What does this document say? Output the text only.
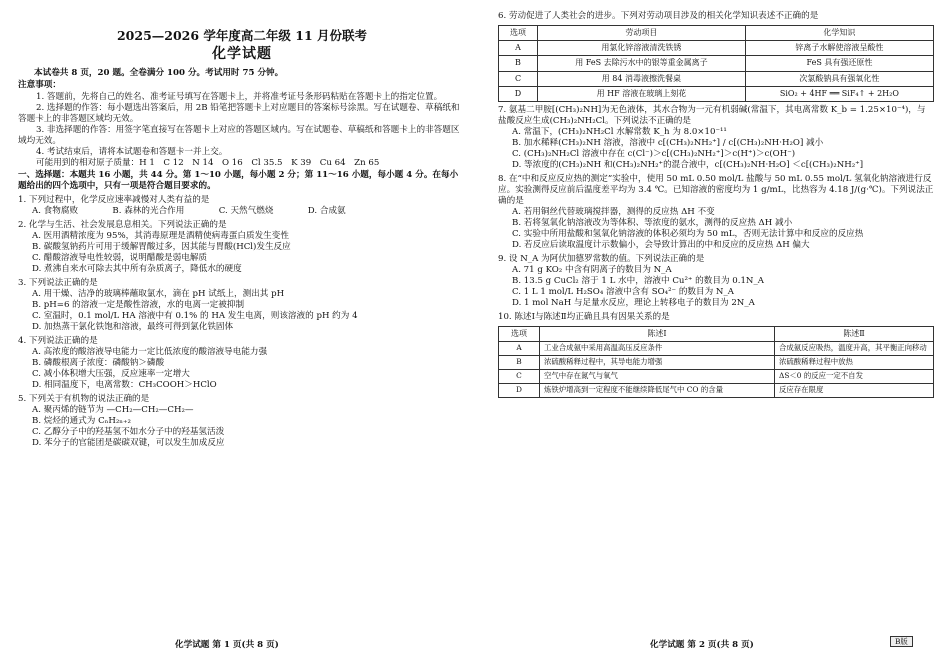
2025—2026 学年度高二年级 11 月份联考
化学试题
本试卷共 8 页，20 题。全卷满分 100 分。考试用时 75 分钟。
注意事项：

1. 答题前，先将自己的姓名、准考证号填写在答题卡上，并将准考证号条形码粘贴在答题卡上的指定位置。

2. 选择题的作答：每小题选出答案后，用 2B 铅笔把答题卡上对应题目的答案标号涂黑。写在试题卷、草稿纸和答题卡上的非答题区域均无效。

3. 非选择题的作答：用签字笔直接写在答题卡上对应的答题区域内。写在试题卷、草稿纸和答题卡上的非答题区域均无效。

4. 考试结束后，请将本试题卷和答题卡一并上交。

可能用到的相对原子质量：H 1　C 12　N 14　O 16　Cl 35.5　K 39　Cu 64　Zn 65

一、选择题：本题共 16 小题，共 44 分。第 1～10 小题，每小题 2 分；第 11～16 小题，每小题 4 分。在每小题给出的四个选项中，只有一项是符合题目要求的。

1. 下列过程中，化学反应速率减慢对人类有益的是

A. 食物腐败　　　　B. 森林的光合作用　　　　C. 天然气燃烧　　　　D. 合成氨

2. 化学与生活、社会发展息息相关。下列说法正确的是

A. 医用酒精浓度为 95%，其消毒原理是酒精使病毒蛋白质发生变性

B. 碳酸氢钠药片可用于缓解胃酸过多，因其能与胃酸(HCl)发生反应

C. 醋酸溶液导电性较弱，说明醋酸是弱电解质

D. 煮沸自来水可除去其中所有杂质离子，降低水的硬度

3. 下列说法正确的是

A. 用干燥、洁净的玻璃棒蘸取氯水，滴在 pH 试纸上，测出其 pH

B. pH=6 的溶液一定是酸性溶液，水的电离一定被抑制

C. 室温时，0.1 mol/L HA 溶液中有 0.1% 的 HA 发生电离，则该溶液的 pH 约为 4

D. 加热蒸干氯化铁饱和溶液，最终可得到氯化铁固体

4. 下列说法正确的是

A. 高浓度的酸溶液导电能力一定比低浓度的酸溶液导电能力强

B. 磷酸根离子浓度：磷酸钠＞磷酸

C. 减小体积增大压强，反应速率一定增大

D. 相同温度下，电离常数：CH₃COOH＞HClO

5. 下列关于有机物的说法正确的是

A. 聚丙烯的链节为 —CH₂—CH₂—CH₂—

B. 烷烃的通式为 CₙH₂ₙ₊₂

C. 乙醇分子中的羟基氢不如水分子中的羟基氢活泼

D. 苯分子的官能团是碳碳双键，可以发生加成反应

6. 劳动促进了人类社会的进步。下列对劳动项目涉及的相关化学知识表述不正确的是

选项	劳动项目	化学知识
A	用氯化锌溶液清洗铁锈	锌离子水解使溶液呈酸性
B	用 FeS 去除污水中的银等重金属离子	FeS 具有强还原性
C	用 84 消毒液擦洗餐桌	次氯酸钠具有强氧化性
D	用 HF 溶液在玻璃上刻花	SiO₂ + 4HF ══ SiF₄↑ + 2H₂O

7. 氨基二甲胺[(CH₃)₂NH]为无色液体，其水合物为一元有机弱碱(常温下，其电离常数 K_b = 1.25×10⁻⁴)，与盐酸反应生成(CH₃)₂NH₂Cl。下列说法不正确的是

A. 常温下，(CH₃)₂NH₂Cl 水解常数 K_h 为 8.0×10⁻¹¹

B. 加水稀释(CH₃)₂NH 溶液，溶液中 c[(CH₃)₂NH₂⁺] / c[(CH₃)₂NH·H₂O] 减小

C. (CH₃)₂NH₂Cl 溶液中存在 c(Cl⁻)＞c[(CH₃)₂NH₂⁺]＞c(H⁺)＞c(OH⁻)

D. 等浓度的(CH₃)₂NH 和(CH₃)₂NH₂⁺的混合液中，c[(CH₃)₂NH·H₂O] ＜c[(CH₃)₂NH₂⁺]

8. 在“中和反应反应热的测定”实验中，使用 50 mL 0.50 mol/L 盐酸与 50 mL 0.55 mol/L 氢氧化钠溶液进行反应。实验测得反应前后温度差平均为 3.4 ℃。已知溶液的密度均为 1 g/mL，比热容为 4.18 J/(g·℃)。下列说法正确的是

A. 若用铜丝代替玻璃搅拌器，测得的反应热 ΔH 不变

B. 若将氢氧化钠溶液改为等体积、等浓度的氨水，测得的反应热 ΔH 减小

C. 实验中所用盐酸和氢氧化钠溶液的体积必须均为 50 mL，否则无法计算中和反应的反应热

D. 若反应后读取温度计示数偏小，会导致计算出的中和反应的反应热 ΔH 偏大

9. 设 N_A 为阿伏加德罗常数的值。下列说法正确的是

A. 71 g KO₂ 中含有阴离子的数目为 N_A

B. 13.5 g CuCl₂ 溶于 1 L 水中，溶液中 Cu²⁺ 的数目为 0.1N_A

C. 1 L 1 mol/L H₂SO₄ 溶液中含有 SO₄²⁻ 的数目为 N_A

D. 1 mol NaH 与足量水反应，理论上转移电子的数目为 2N_A

10. 陈述Ⅰ与陈述Ⅱ均正确且具有因果关系的是

选项	陈述Ⅰ	陈述Ⅱ
A	工业合成氨中采用高温高压反应条件	合成氨反应吸热，温度升高，其平衡正向移动
B	浓硫酸稀释过程中，其导电能力增强	浓硫酸稀释过程中放热
C	空气中存在氮气与氧气	ΔS＜0 的反应一定不自发
D	炼铁炉增高到一定程度不能继续降低尾气中 CO 的含量	反应存在限度
化学试题 第 1 页(共 8 页)	化学试题 第 2 页(共 8 页)	B版
